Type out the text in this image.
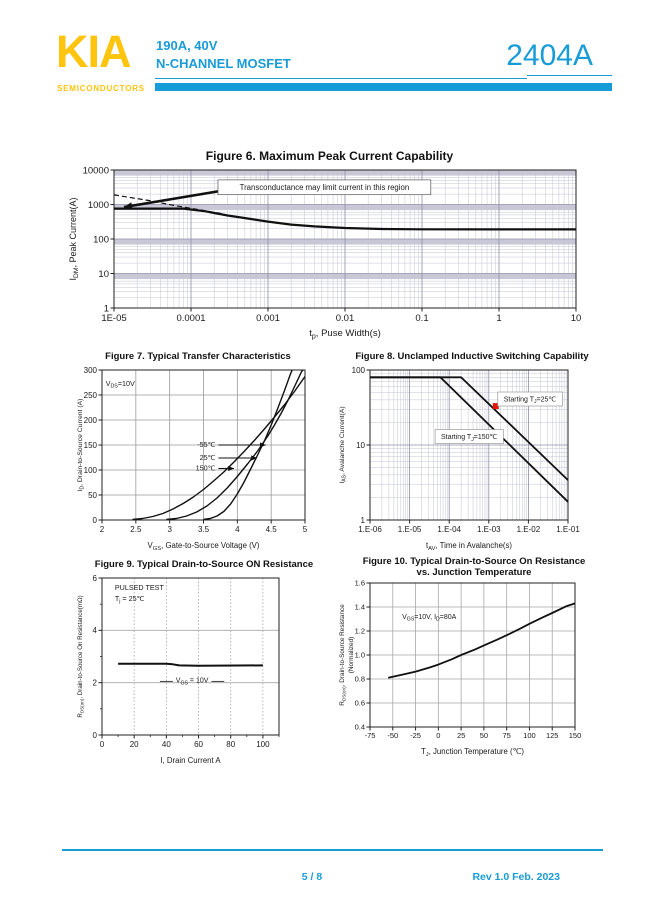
KIA
SEMICONDUCTORS
190A, 40V
N-CHANNEL MOSFET	2404A
Figure 6. Maximum Peak Current Capability
Transconductance may limit current in this region
1E-05	0.0001	0.001	0.01	0.1	1	10
1
10
100
1000
10000
$t_p$, Puse Width(s)
$I_{DM}$, Peak Current(A)
Figure 7. Typical Transfer Characteristics
$V_{DS}=10V$
-55℃
25℃
150℃
2	2.5	3	3.5	4	4.5	5
0
50
100
150
200
250
300
$V_{GS}$, Gate-to-Source Voltage (V)
$I_D$, Drain-to-Source Current (A)
Figure 8. Unclamped Inductive Switching Capability
Starting $T_J=25℃$
Starting $T_J=150℃$
1.E-06 1.E-05 1.E-04 1.E-03 1.E-02 1.E-01
1
10
100
$t_{AV}$, Time in Avalanche(s)
$I_{AS}$, Avalanche Current(A)
Figure 9. Typical Drain-to-Source ON Resistance
PULSED TEST
$T_j$ = 25℃
$V_{GS} = 10V$
0	20	40	60	80	100
0
2
4
6
I, Drain Current A
$R_{DS(on)}$, Drain-to-Source On Resistance(mΩ)
Figure 10. Typical Drain-to-Source On Resistance
vs. Junction Temperature
$V_{GS}=10V$, $I_D=80A$
-75 -50 -25 0 25 50 75 100 125 150
0.4
0.6
0.8
1.0
1.2
1.4
1.6
$T_J$, Junction Temperature (℃)
$R_{DS(on)}$, Drain-to-Source Resistance (Normalized)
5 / 8	Rev 1.0 Feb. 2023
